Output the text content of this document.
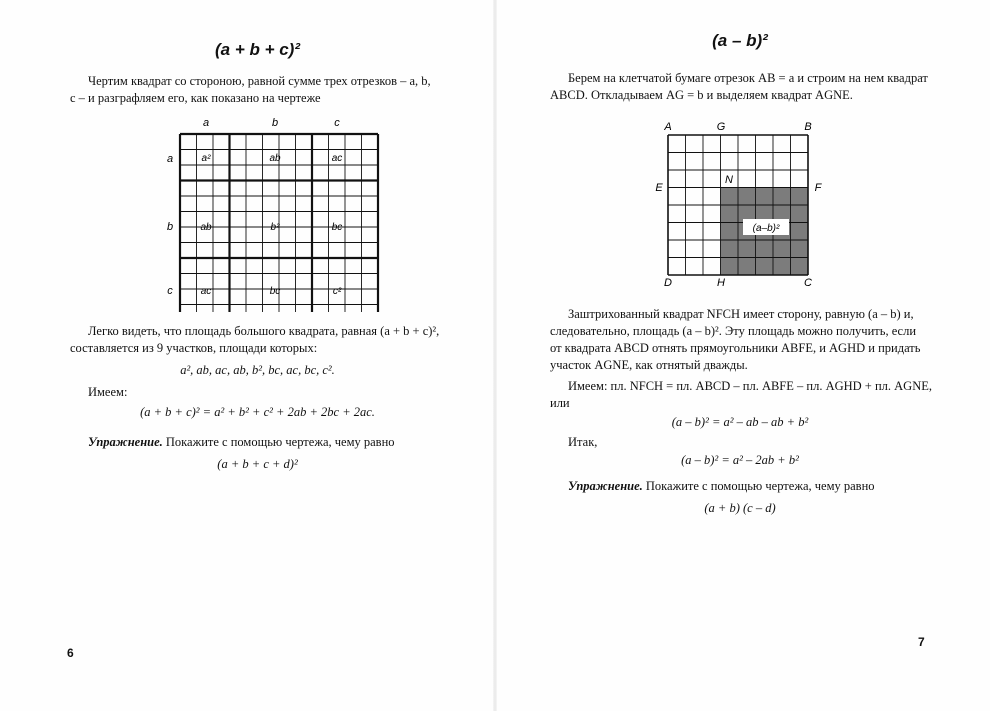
(a + b + c)²
Чертим квадрат со стороною, равной сумме трех отрезков – a, b,
c – и разграфляем его, как показано на чертеже
a	b	c
a
b
c
a²	ab	ac
ab	b²	bc
ac	bc	c²
Легко видеть, что площадь большого квадрата, равная (a + b + c)²,
составляется из 9 участков, площади которых:
a², ab, ac, ab, b², bc, ac, bc, c².
Имеем:
(a + b + c)² = a² + b² + c² + 2ab + 2bc + 2ac.
Упражнение. Покажите с помощью чертежа, чему равно
(a + b + c + d)²
6
(a – b)²
Берем на клетчатой бумаге отрезок AB = a и строим на нем квадрат
ABCD. Откладываем AG = b и выделяем квадрат AGNE.
(a–b)²
A	G	B
N
E	F
D	H	C
Заштрихованный квадрат NFCH имеет сторону, равную (a – b) и,
следовательно, площадь (a – b)². Эту площадь можно получить, если
от квадрата ABCD отнять прямоугольники ABFE, и AGHD и придать
участок AGNE, как отнятый дважды.
Имеем: пл. NFCH = пл. ABCD – пл. ABFE – пл. AGHD + пл. AGNE,
или
(a – b)² = a² – ab – ab + b²
Итак,
(a – b)² = a² – 2ab + b²
Упражнение. Покажите с помощью чертежа, чему равно
(a + b) (c – d)
7
